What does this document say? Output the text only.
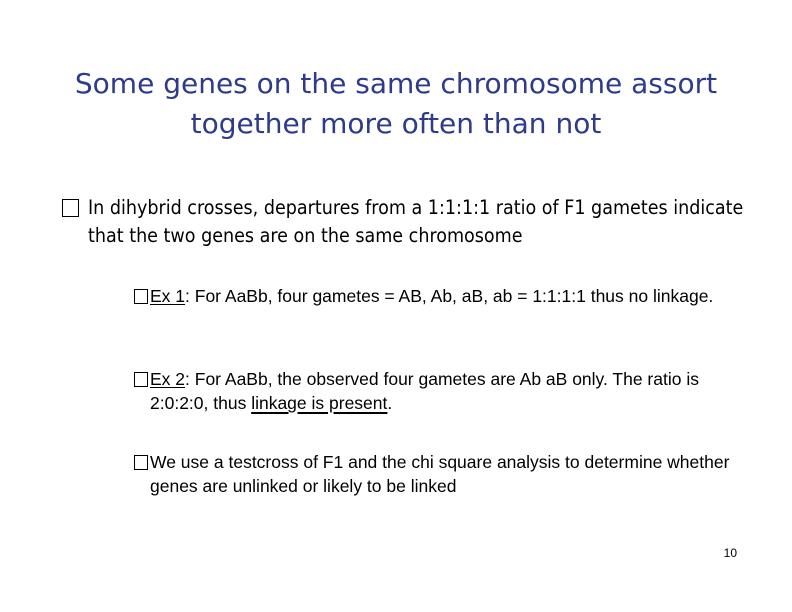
Some genes on the same chromosome assort
together more often than not
In dihybrid crosses, departures from a 1:1:1:1 ratio of F1 gametes indicate that the two genes are on the same chromosome
Ex 1: For AaBb, four gametes = AB, Ab, aB, ab = 1:1:1:1 thus no linkage.
Ex 2: For AaBb, the observed four gametes are Ab aB only. The ratio is 2:0:2:0, thus linkage is present.
We use a testcross of F1 and the chi square analysis to determine whether genes are unlinked or likely to be linked
10
